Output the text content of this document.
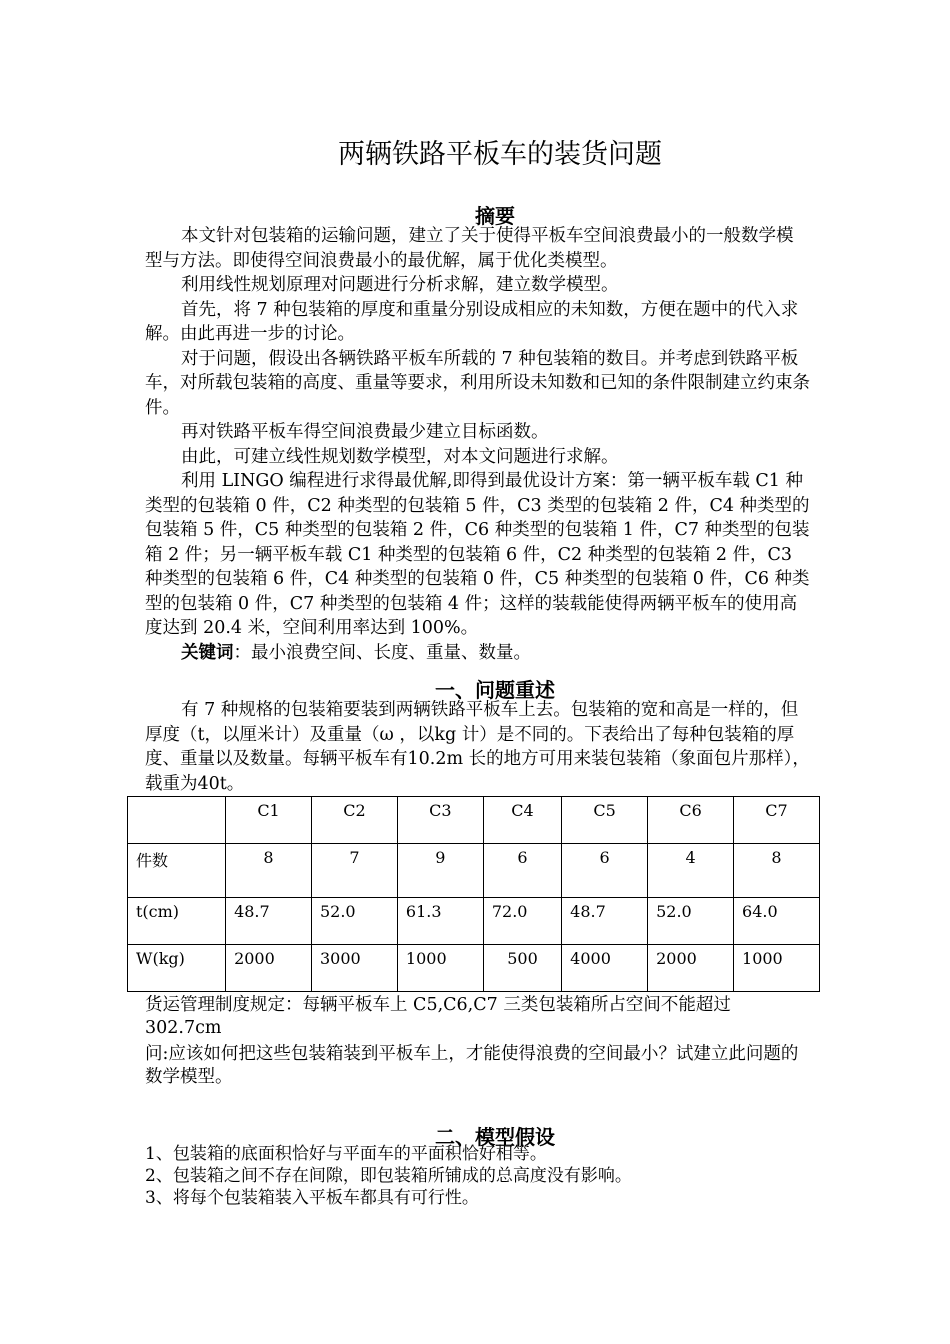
两辆铁路平板车的装货问题
摘要
本文针对包装箱的运输问题，建立了关于使得平板车空间浪费最小的一般数学模型与方法。即使得空间浪费最小的最优解，属于优化类模型。
利用线性规划原理对问题进行分析求解，建立数学模型。
首先，将 7 种包装箱的厚度和重量分别设成相应的未知数，方便在题中的代入求解。由此再进一步的讨论。
对于问题，假设出各辆铁路平板车所载的 7 种包装箱的数目。并考虑到铁路平板车，对所载包装箱的高度、重量等要求，利用所设未知数和已知的条件限制建立约束条件。
再对铁路平板车得空间浪费最少建立目标函数。
由此，可建立线性规划数学模型，对本文问题进行求解。
利用 LINGO 编程进行求得最优解,即得到最优设计方案：第一辆平板车载 C1 种类型的包装箱 0 件，C2 种类型的包装箱 5 件，C3 类型的包装箱 2 件，C4 种类型的包装箱 5 件，C5 种类型的包装箱 2 件，C6 种类型的包装箱 1 件，C7 种类型的包装箱 2 件；另一辆平板车载 C1 种类型的包装箱 6 件，C2 种类型的包装箱 2 件，C3 种类型的包装箱 6 件，C4 种类型的包装箱 0 件，C5 种类型的包装箱 0 件，C6 种类型的包装箱 0 件，C7 种类型的包装箱 4 件；这样的装载能使得两辆平板车的使用高度达到 20.4 米，空间利用率达到 100%。
关键词：最小浪费空间、长度、重量、数量。
一、问题重述
有 7 种规格的包装箱要装到两辆铁路平板车上去。包装箱的宽和高是一样的，但厚度（t，以厘米计）及重量（ω ，以kg 计）是不同的。下表给出了每种包装箱的厚度、重量以及数量。每辆平板车有10.2m 长的地方可用来装包装箱（象面包片那样），载重为40t。
	C1	C2	C3	C4	C5	C6	C7
件数	8	7	9	6	6	4	8
t(cm)	48.7	52.0	61.3	72.0	48.7	52.0	64.0
W(kg)	2000	3000	1000	500	4000	2000	1000
货运管理制度规定：每辆平板车上 C5,C6,C7 三类包装箱所占空间不能超过 302.7cm
问:应该如何把这些包装箱装到平板车上，才能使得浪费的空间最小？试建立此问题的数学模型。
二、模型假设
1、包装箱的底面积恰好与平面车的平面积恰好相等。
2、包装箱之间不存在间隙，即包装箱所铺成的总高度没有影响。
3、将每个包装箱装入平板车都具有可行性。
